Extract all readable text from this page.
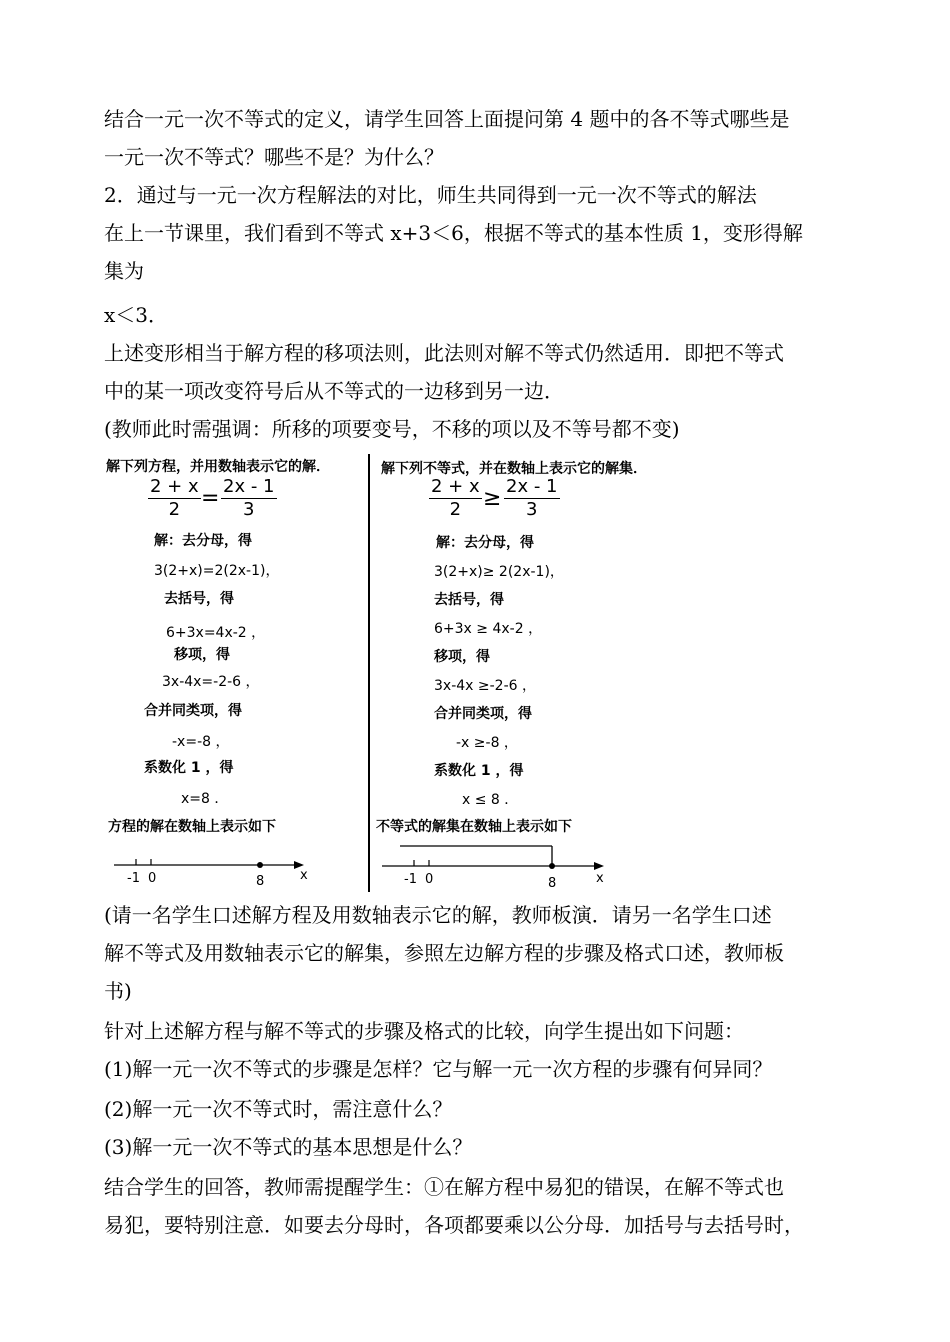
结合一元一次不等式的定义，请学生回答上面提问第 4 题中的各不等式哪些是

一元一次不等式？哪些不是？为什么？

2．通过与一元一次方程解法的对比，师生共同得到一元一次不等式的解法

在上一节课里，我们看到不等式 x+3＜6，根据不等式的基本性质 1，变形得解

集为

x＜3．

上述变形相当于解方程的移项法则，此法则对解不等式仍然适用．即把不等式

中的某一项改变符号后从不等式的一边移到另一边．

(教师此时需强调：所移的项要变号，不移的项以及不等号都不变)

解下列方程，并用数轴表示它的解．
$\frac{2 + x}{2} = \frac{2x - 1}{3}$
解：去分母，得
3(2+x)=2(2x-1)，
去括号，得
6+3x=4x-2 ，
移项，得
3x-4x=-2-6 ，
合并同类项，得
-x=-8 ，
系数化 1 ，得
x=8 ．
方程的解在数轴上表示如下
-1 0	8	x
解下列不等式，并在数轴上表示它的解集．
$\frac{2 + x}{2} \ge \frac{2x - 1}{3}$
解：去分母，得
3(2+x)≥ 2(2x-1)，
去括号，得
6+3x ≥ 4x-2 ，
移项，得
3x-4x ≥-2-6 ，
合并同类项，得
-x ≥-8 ，
系数化 1 ，得
x ≤ 8 ．
不等式的解集在数轴上表示如下
-1 0	8	x

(请一名学生口述解方程及用数轴表示它的解，教师板演．请另一名学生口述

解不等式及用数轴表示它的解集，参照左边解方程的步骤及格式口述，教师板

书)

针对上述解方程与解不等式的步骤及格式的比较，向学生提出如下问题：

(1)解一元一次不等式的步骤是怎样？它与解一元一次方程的步骤有何异同？

(2)解一元一次不等式时，需注意什么？

(3)解一元一次不等式的基本思想是什么？

结合学生的回答，教师需提醒学生：①在解方程中易犯的错误，在解不等式也

易犯，要特别注意．如要去分母时，各项都要乘以公分母．加括号与去括号时，
